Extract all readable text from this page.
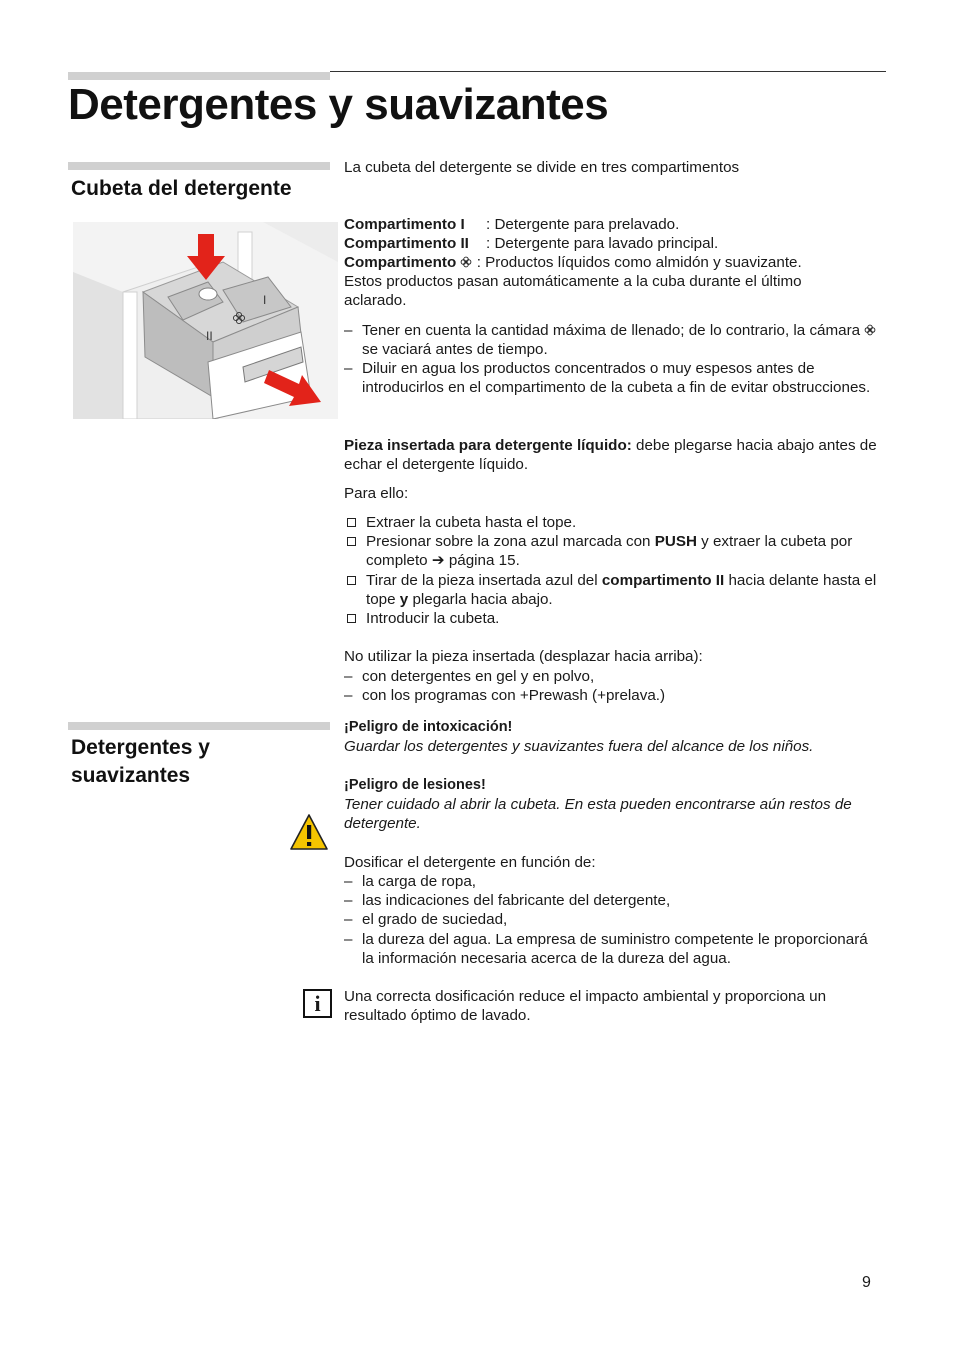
Detergentes y suavizantes
Cubeta del detergente
I
II
La cubeta del detergente se divide en tres compartimentos
Compartimento I : Detergente para prelavado.
Compartimento II : Detergente para lavado principal.
Compartimento : Productos líquidos como almidón y suavizante.
Estos productos pasan automáticamente a la cuba durante el último aclarado.
– Tener en cuenta la cantidad máxima de llenado; de lo contrario, la cámara  se vaciará antes de tiempo.
– Diluir en agua los productos concentrados o muy espesos antes de introducirlos en el compartimento de la cubeta a fin de evitar obstrucciones.
Pieza insertada para detergente líquido: debe plegarse hacia abajo antes de echar el detergente líquido.
Para ello:
Extraer la cubeta hasta el tope.
Presionar sobre la zona azul marcada con PUSH y extraer la cubeta por completo ➔ página 15.
Tirar de la pieza insertada azul del compartimento II hacia delante hasta el tope y plegarla hacia abajo.
Introducir la cubeta.
No utilizar la pieza insertada (desplazar hacia arriba):
– con detergentes en gel y en polvo,
– con los programas con +Prewash (+prelava.)
Detergentes y
suavizantes
¡Peligro de intoxicación!
Guardar los detergentes y suavizantes fuera del alcance de los niños.
¡Peligro de lesiones!
Tener cuidado al abrir la cubeta. En esta pueden encontrarse aún restos de detergente.
Dosificar el detergente en función de:
– la carga de ropa,
– las indicaciones del fabricante del detergente,
– el grado de suciedad,
– la dureza del agua. La empresa de suministro competente le proporcionará la información necesaria acerca de la dureza del agua.
i	Una correcta dosificación reduce el impacto ambiental y proporciona un resultado óptimo de lavado.
9
